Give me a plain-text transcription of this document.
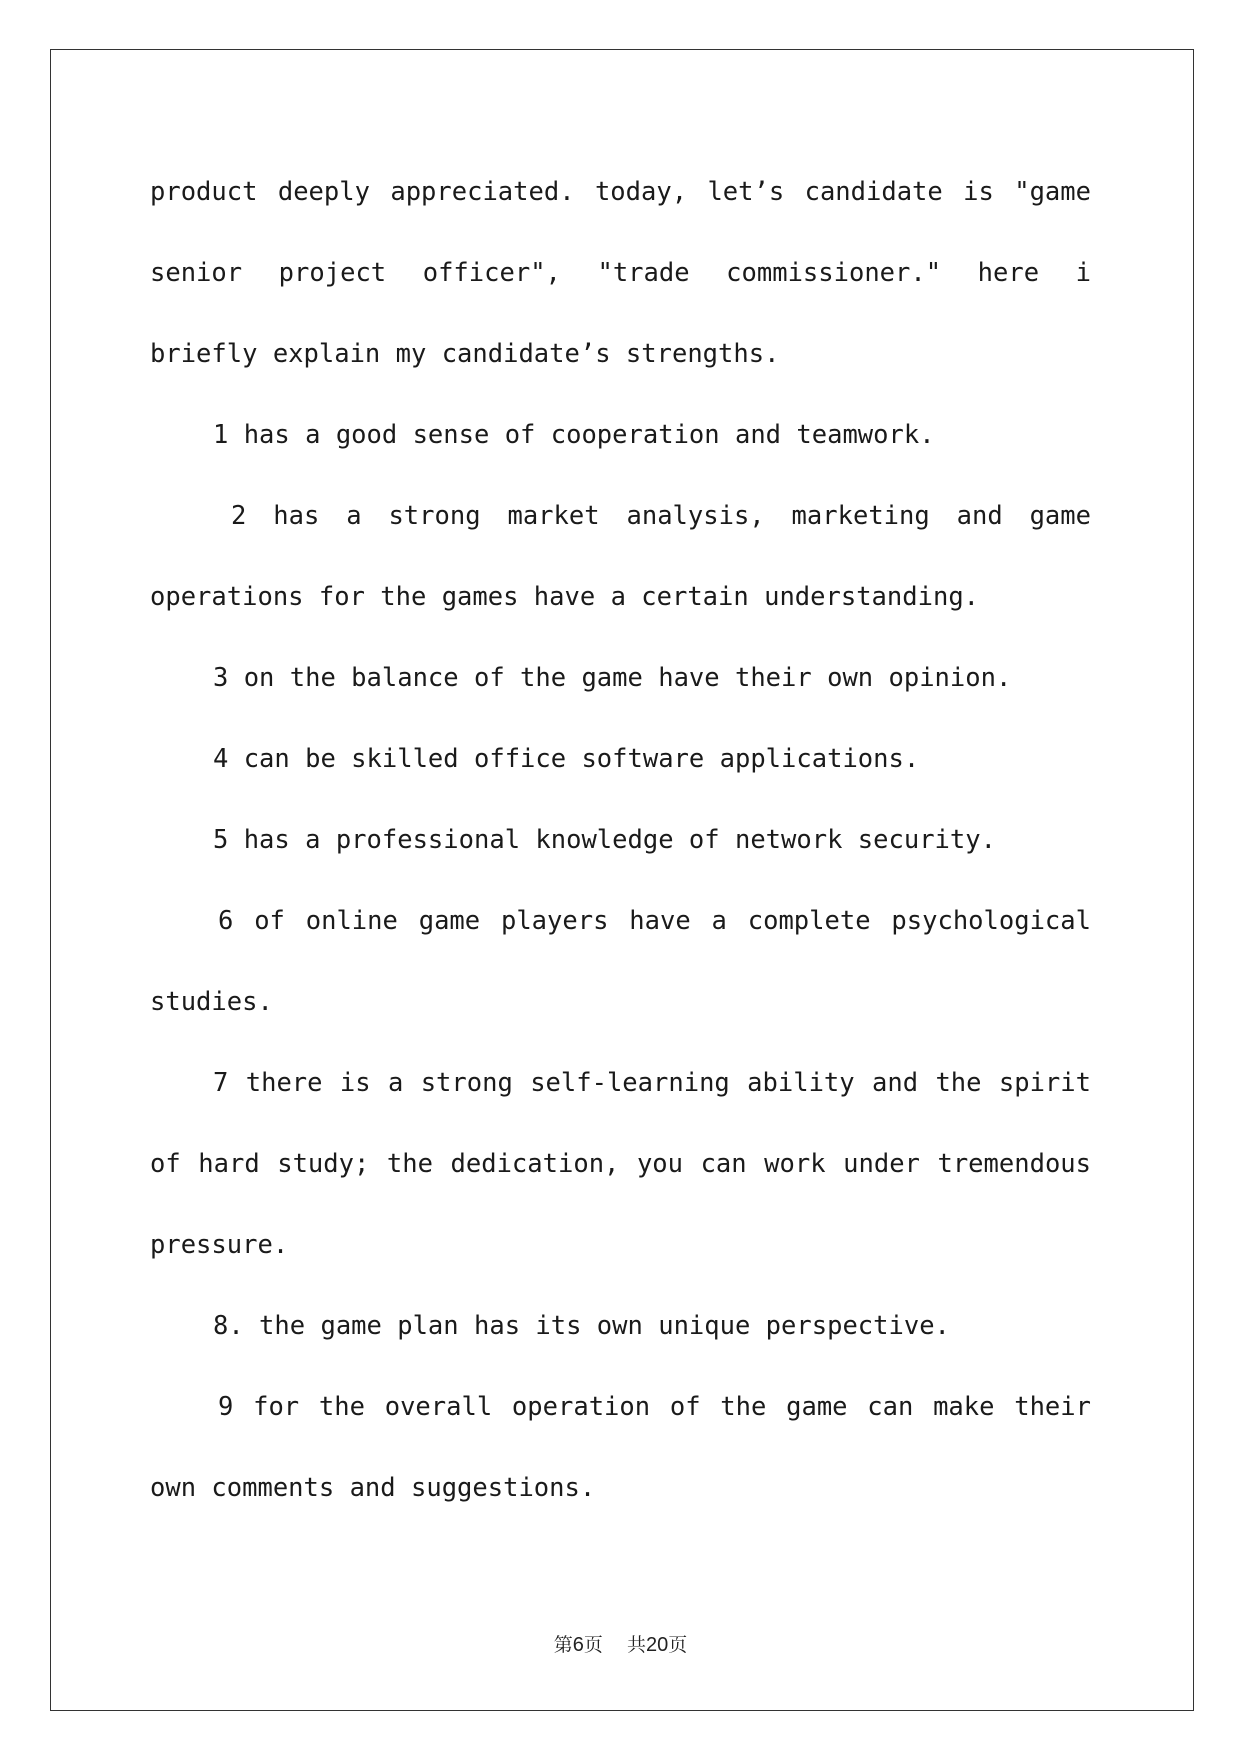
product deeply appreciated. today, let’s candidate is "game
senior project officer", "trade commissioner." here i
briefly explain my candidate’s strengths.
1 has a good sense of cooperation and teamwork.
2 has a strong market analysis, marketing and game
operations for the games have a certain understanding.
3 on the balance of the game have their own opinion.
4 can be skilled office software applications.
5 has a professional knowledge of network security.
6 of online game players have a complete psychological
studies.
7 there is a strong self-learning ability and the spirit
of hard study; the dedication, you can work under tremendous
pressure.
8. the game plan has its own unique perspective.
9 for the overall operation of the game can make their
own comments and suggestions.
第6页 共20页
